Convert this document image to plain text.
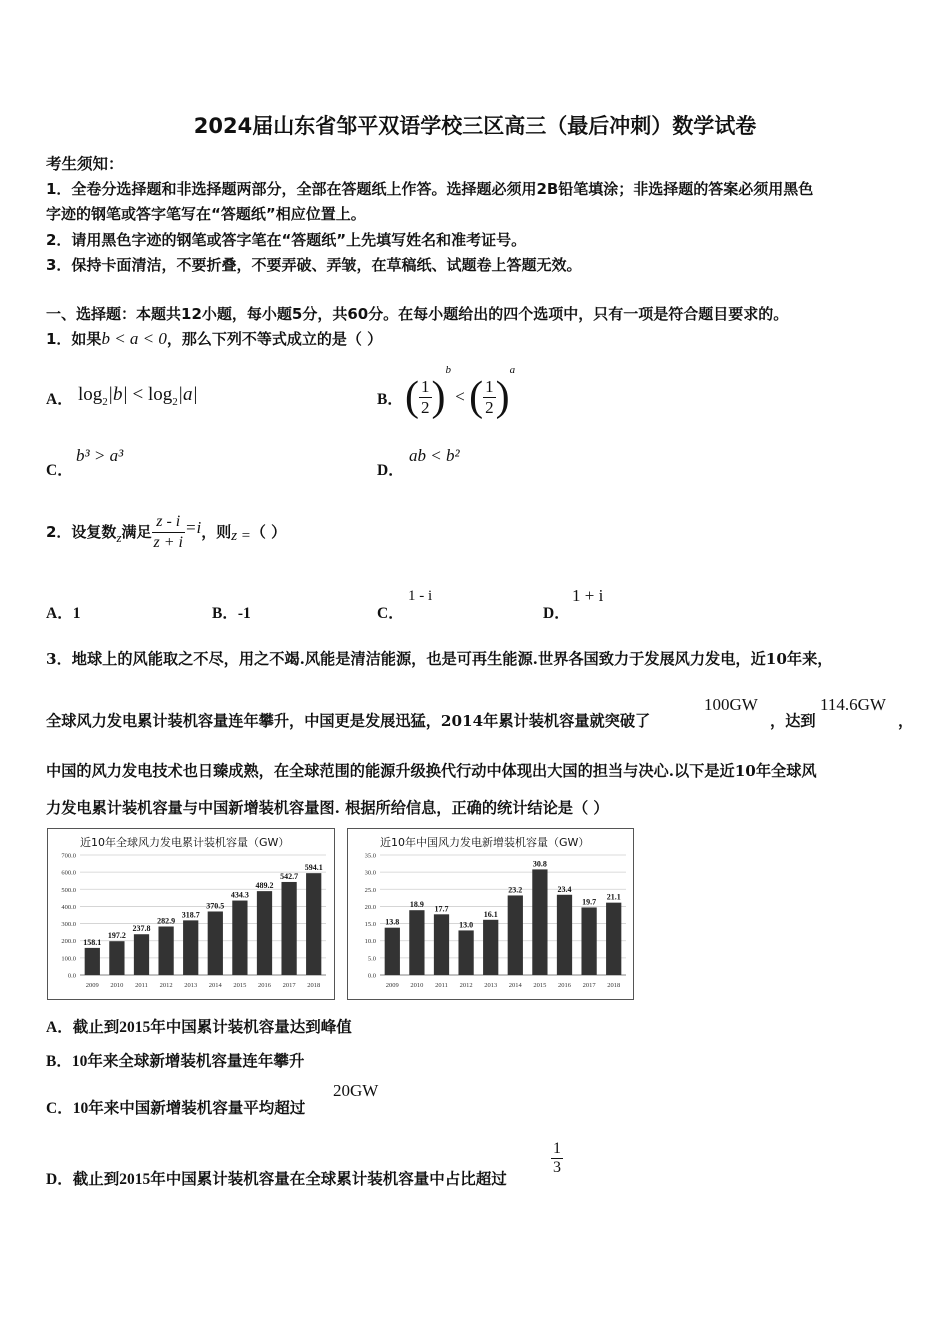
2024届山东省邹平双语学校三区高三（最后冲刺）数学试卷
考生须知：
1．全卷分选择题和非选择题两部分，全部在答题纸上作答。选择题必须用2B铅笔填涂；非选择题的答案必须用黑色
字迹的钢笔或答字笔写在“答题纸”相应位置上。
2．请用黑色字迹的钢笔或答字笔在“答题纸”上先填写姓名和准考证号。
3．保持卡面清洁，不要折叠，不要弄破、弄皱，在草稿纸、试题卷上答题无效。
一、选择题：本题共12小题，每小题5分，共60分。在每小题给出的四个选项中，只有一项是符合题目要求的。
1．如果b < a < 0，那么下列不等式成立的是（ ）
A． $\log_2|b| < \log_2|a|$	B． ( $\frac{1}{2} )^b$ < ( $\frac{1}{2} )^a$
C．
b³ > a³
D．
ab < b²
2．设复数z满足 $\frac{z - i}{z + i} =i$，则z =（ ）
A．1	B．-1	C．
1 - i
D．
1 + i
3．地球上的风能取之不尽，用之不竭.风能是清洁能源，也是可再生能源.世界各国致力于发展风力发电，近10年来，
全球风力发电累计装机容量连年攀升，中国更是发展迅猛，2014年累计装机容量就突破了
100GW
，达到
114.6GW
，
中国的风力发电技术也日臻成熟，在全球范围的能源升级换代行动中体现出大国的担当与决心.以下是近10年全球风
力发电累计装机容量与中国新增装机容量图. 根据所给信息，正确的统计结论是（ ）
近10年全球风力发电累计装机容量（GW）
0.0
100.0
200.0
300.0
400.0
500.0
600.0
700.0
158.1
2009
197.2
2010
237.8
2011
282.9
2012
318.7
2013
370.5
2014
434.3
2015
489.2
2016
542.7
2017
594.1
2018
近10年中国风力发电新增装机容量（GW）
0.0
5.0
10.0
15.0
20.0
25.0
30.0
35.0
13.8
2009
18.9
2010
17.7
2011
13.0
2012
16.1
2013
23.2
2014
30.8
2015
23.4
2016
19.7
2017
21.1
2018
A．截止到2015年中国累计装机容量达到峰值
B．10年来全球新增装机容量连年攀升
C．10年来中国新增装机容量平均超过
20GW
D．截止到2015年中国累计装机容量在全球累计装机容量中占比超过
$\frac{1}{3}$
